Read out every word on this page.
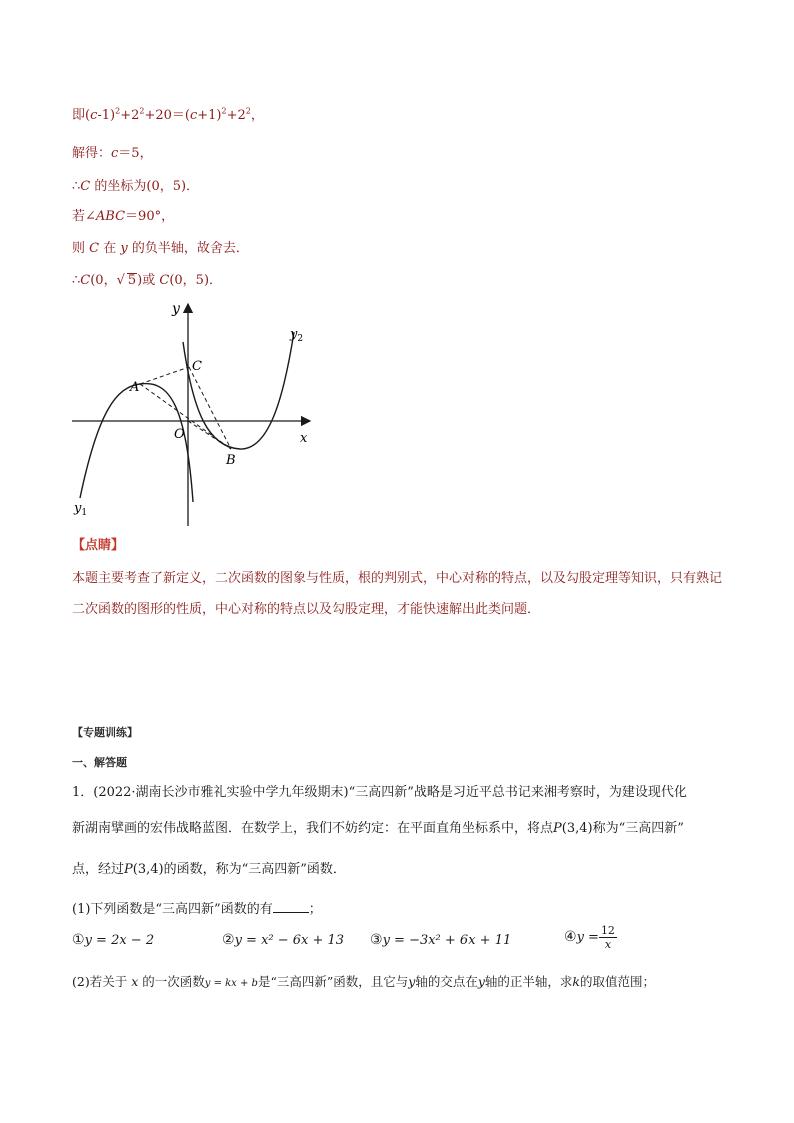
即$(c-1)^2+2^2+20=(c+1)^2+2^2$，
解得：c＝5，
∴C 的坐标为(0，5)．
若∠ABC＝90°，
则 C 在 y 的负半轴，故舍去．
∴C(0，√ 5)或 C(0，5)．
y
x
O
A
B
C
$y_1$
$y_2$
【点睛】
本题主要考查了新定义，二次函数的图象与性质，根的判别式，中心对称的特点，以及勾股定理等知识，只有熟记二次函数的图形的性质，中心对称的特点以及勾股定理，才能快速解出此类问题．
【专题训练】
一、解答题
1．(2022·湖南长沙市雅礼实验中学九年级期末)“三高四新”战略是习近平总书记来湘考察时，为建设现代化
新湖南擘画的宏伟战略蓝图．在数学上，我们不妨约定：在平面直角坐标系中，将点P(3,4)称为“三高四新”
点，经过P(3,4)的函数，称为“三高四新”函数．
(1)下列函数是“三高四新”函数的有	；
①y = 2x − 2	②y = x² − 6x + 13 ③y = −3x² + 6x + 11	④y = $\frac{12}{x}$
(2)若关于 x 的一次函数y = kx + b是“三高四新”函数，且它与y轴的交点在y轴的正半轴，求k的取值范围；
